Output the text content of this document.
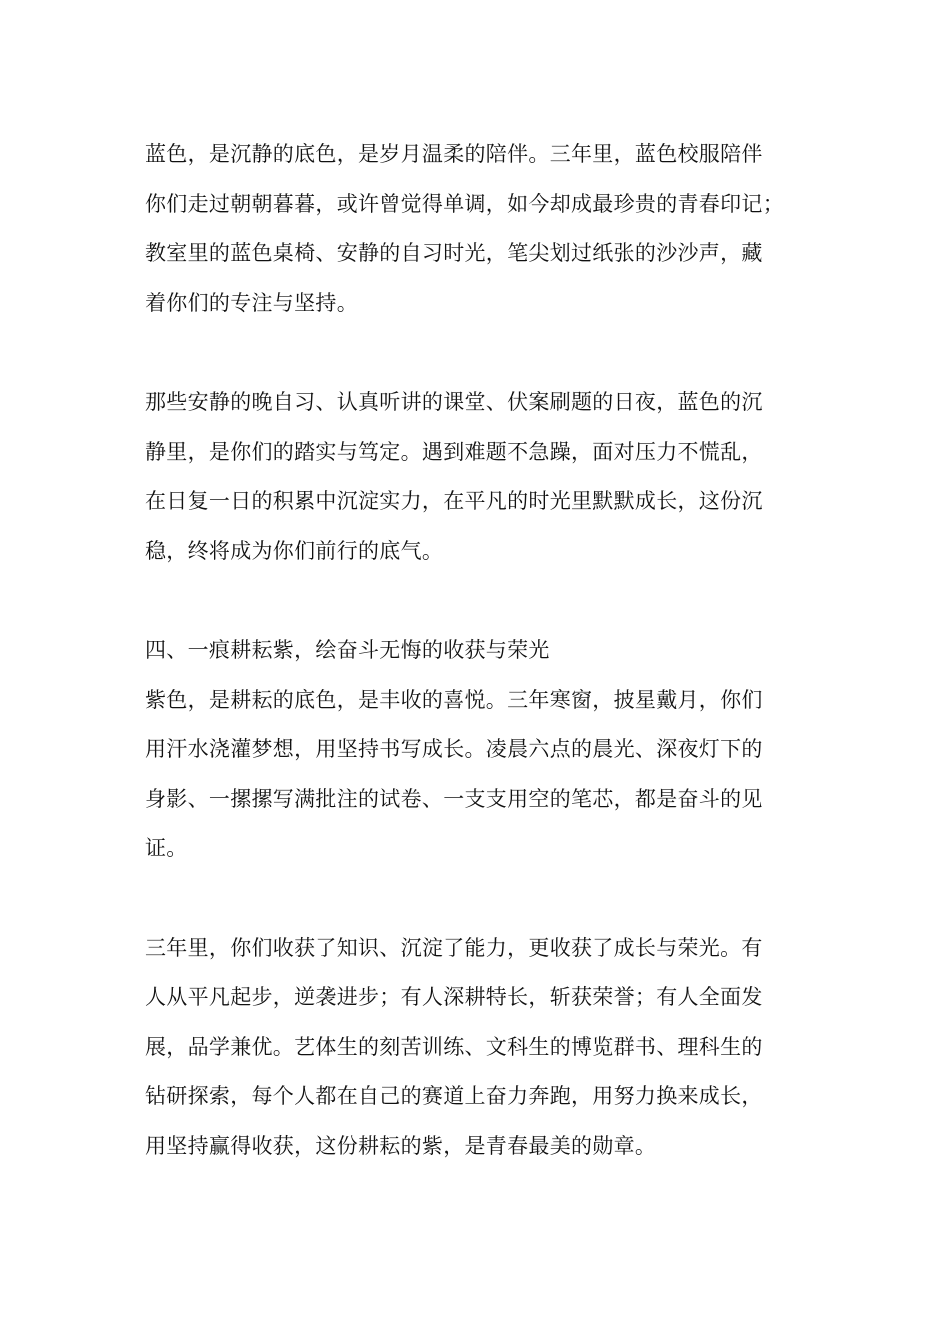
蓝色，是沉静的底色，是岁月温柔的陪伴。三年里，蓝色校服陪伴
你们走过朝朝暮暮，或许曾觉得单调，如今却成最珍贵的青春印记；
教室里的蓝色桌椅、安静的自习时光，笔尖划过纸张的沙沙声，藏
着你们的专注与坚持。
那些安静的晚自习、认真听讲的课堂、伏案刷题的日夜，蓝色的沉
静里，是你们的踏实与笃定。遇到难题不急躁，面对压力不慌乱，
在日复一日的积累中沉淀实力，在平凡的时光里默默成长，这份沉
稳，终将成为你们前行的底气。
四、一痕耕耘紫，绘奋斗无悔的收获与荣光
紫色，是耕耘的底色，是丰收的喜悦。三年寒窗，披星戴月，你们
用汗水浇灌梦想，用坚持书写成长。凌晨六点的晨光、深夜灯下的
身影、一摞摞写满批注的试卷、一支支用空的笔芯，都是奋斗的见
证。
三年里，你们收获了知识、沉淀了能力，更收获了成长与荣光。有
人从平凡起步，逆袭进步；有人深耕特长，斩获荣誉；有人全面发
展，品学兼优。艺体生的刻苦训练、文科生的博览群书、理科生的
钻研探索，每个人都在自己的赛道上奋力奔跑，用努力换来成长，
用坚持赢得收获，这份耕耘的紫，是青春最美的勋章。
